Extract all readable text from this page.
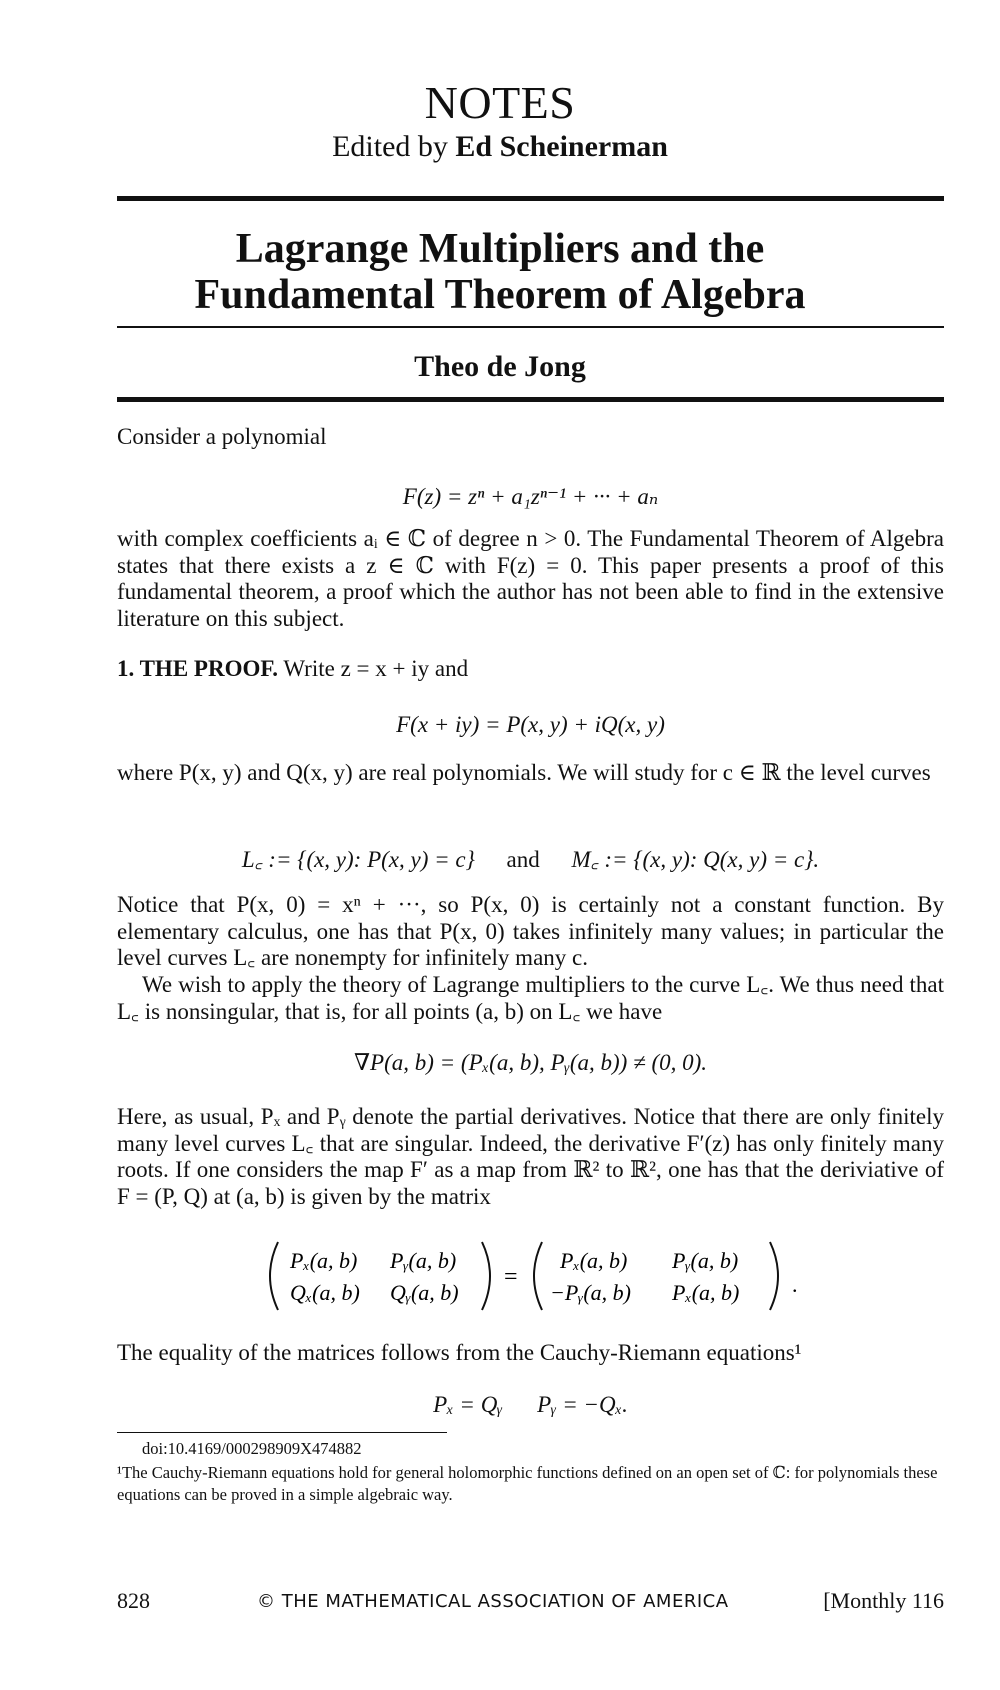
NOTES
Edited by Ed Scheinerman
Lagrange Multipliers and the
Fundamental Theorem of Algebra
Theo de Jong
Consider a polynomial
F(z) = zⁿ + a₁zⁿ⁻¹ + ··· + aₙ
with complex coefficients aᵢ ∈ ℂ of degree n > 0. The Fundamental Theorem of Algebra states that there exists a z ∈ ℂ with F(z) = 0. This paper presents a proof of this fundamental theorem, a proof which the author has not been able to find in the extensive literature on this subject.
1. THE PROOF. Write z = x + iy and
F(x + iy) = P(x, y) + iQ(x, y)
where P(x, y) and Q(x, y) are real polynomials. We will study for c ∈ ℝ the level curves
L꜀ := {(x, y): P(x, y) = c} and M꜀ := {(x, y): Q(x, y) = c}.
Notice that P(x, 0) = xⁿ + ···, so P(x, 0) is certainly not a constant function. By elementary calculus, one has that P(x, 0) takes infinitely many values; in particular the level curves L꜀ are nonempty for infinitely many c.
We wish to apply the theory of Lagrange multipliers to the curve L꜀. We thus need that L꜀ is nonsingular, that is, for all points (a, b) on L꜀ we have
∇P(a, b) = (Pₓ(a, b), Pᵧ(a, b)) ≠ (0, 0).
Here, as usual, Pₓ and Pᵧ denote the partial derivatives. Notice that there are only finitely many level curves L꜀ that are singular. Indeed, the derivative F′(z) has only finitely many roots. If one considers the map F′ as a map from ℝ² to ℝ², one has that the deriviative of F = (P, Q) at (a, b) is given by the matrix
Pₓ(a, b) Pᵧ(a, b)
Qₓ(a, b) Qᵧ(a, b)
=
Pₓ(a, b) Pᵧ(a, b)
−Pᵧ(a, b) Pₓ(a, b) .
The equality of the matrices follows from the Cauchy-Riemann equations¹
Pₓ = Qᵧ      Pᵧ = −Qₓ.
doi:10.4169/000298909X474882
¹The Cauchy-Riemann equations hold for general holomorphic functions defined on an open set of ℂ: for polynomials these equations can be proved in a simple algebraic way.
828	© THE MATHEMATICAL ASSOCIATION OF AMERICA	[Monthly 116
